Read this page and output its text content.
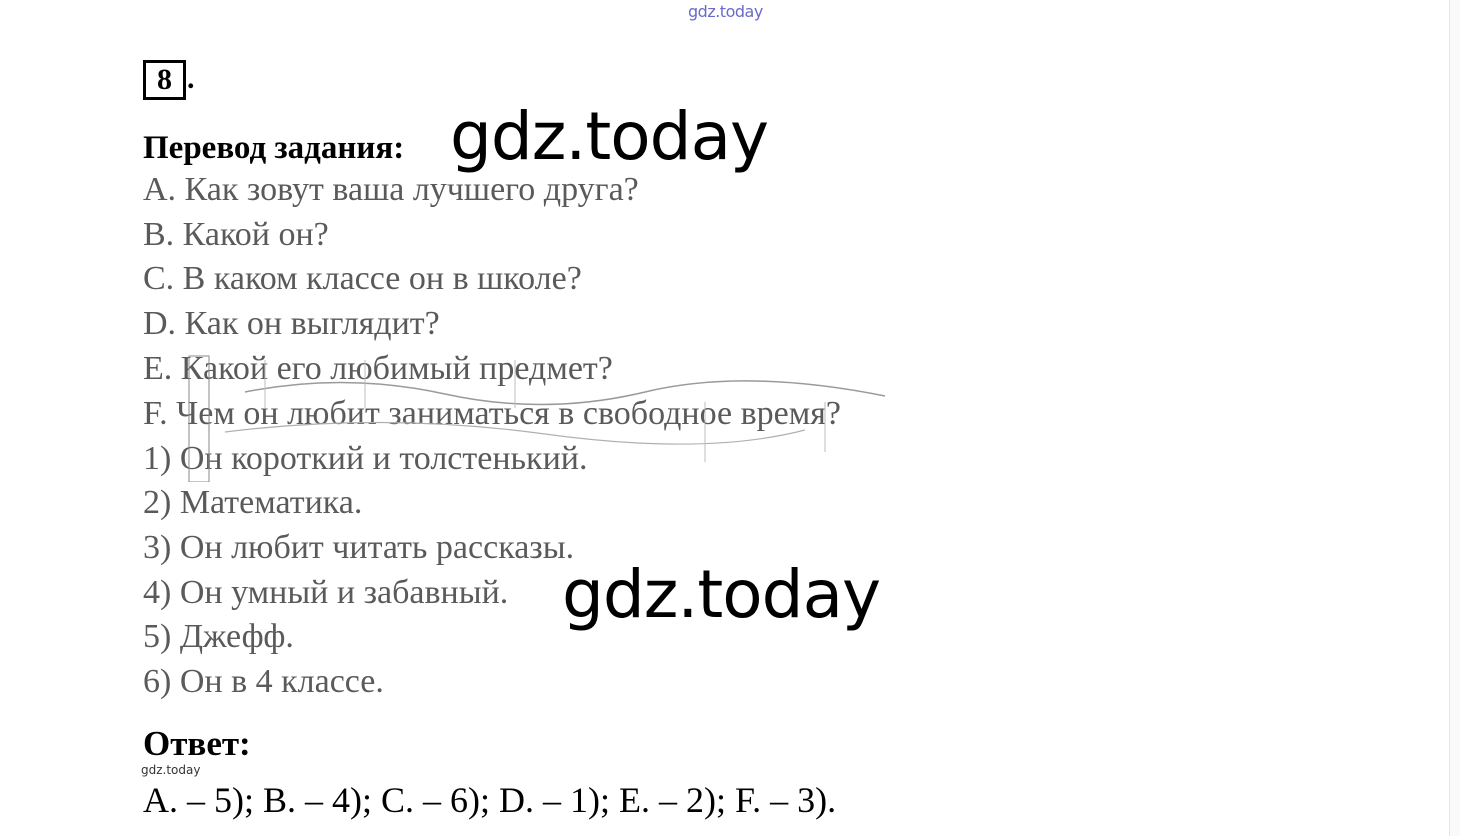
gdz.today
8 .
Перевод задания: gdz.today
A. Как зовут ваша лучшего друга?
B. Какой он?
C. В каком классе он в школе?
D. Как он выглядит?
E. Какой его любимый предмет?
F. Чем он любит заниматься в свободное время?
1) Он короткий и толстенький.
2) Математика.
3) Он любит читать рассказы.
4) Он умный и забавный.
5) Джефф.
6) Он в 4 классе.
gdz.today
Ответ:
gdz.today
A. – 5); B. – 4); C. – 6); D. – 1); E. – 2); F. – 3).
